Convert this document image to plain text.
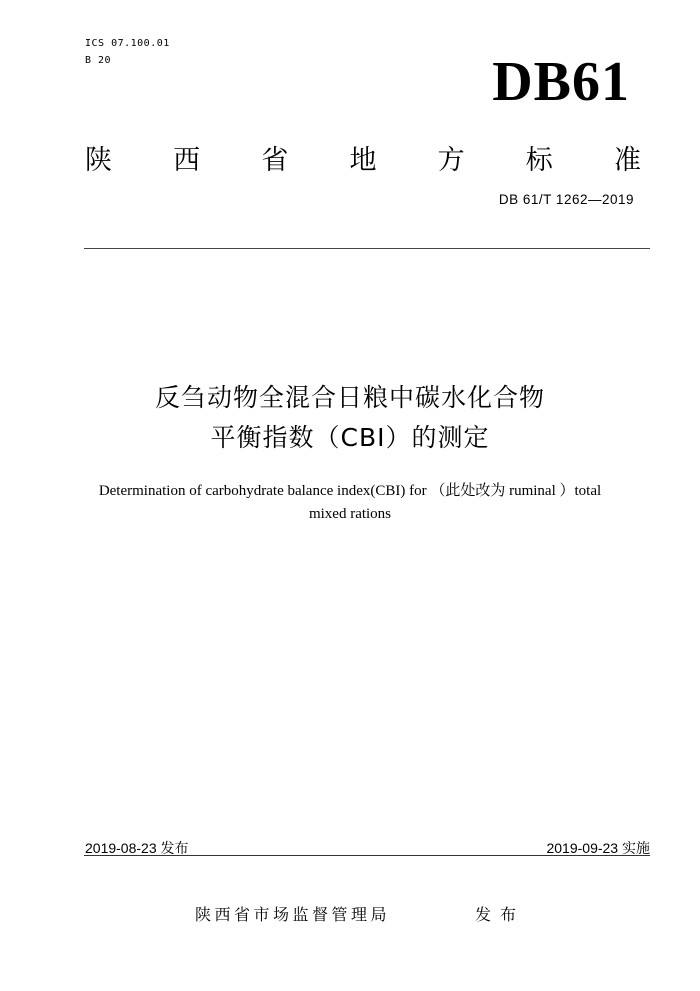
ICS 07.100.01
B 20	DB61
陕 西 省 地 方 标 准
DB 61/T 1262—2019
反刍动物全混合日粮中碳水化合物
平衡指数（CBI）的测定
Determination of carbohydrate balance index(CBI) for （此处改为 ruminal ）total
mixed rations
2019-08-23 发布	2019-09-23 实施
陕西省市场监督管理局	发布
